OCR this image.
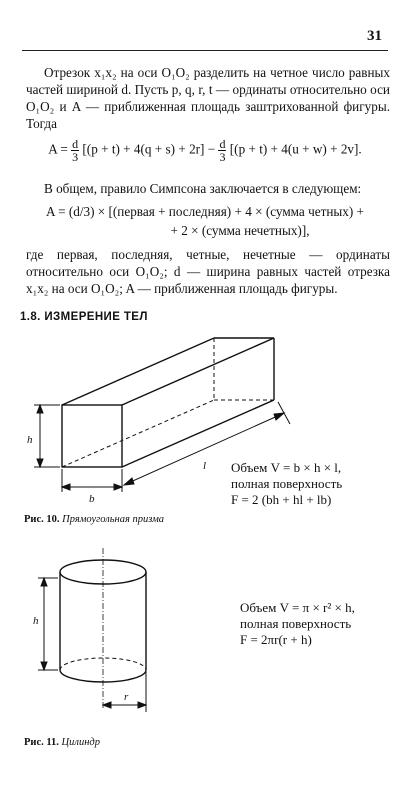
31
Отрезок x₁x₂ на оси O₁O₂ разделить на четное число равных частей шириной d. Пусть p, q, r, t — ординаты относительно оси O₁O₂ и A — приближенная площадь заштрихованной фигуры. Тогда
$A = \frac{d}{3} [(p + t) + 4(q + s) + 2r] - \frac{d}{3} [(p + t) + 4(u + w) + 2v]$.
В общем, правило Симпсона заключается в следующем:
A = (d/3) × [(первая + последняя) + 4 × (сумма четных) +
+ 2 × (сумма нечетных)],
где первая, последняя, четные, нечетные — ординаты относительно оси O₁O₂; d — ширина равных частей отрезка x₁x₂ на оси O₁O₂; A — приближенная площадь фигуры.
1.8. ИЗМЕРЕНИЕ ТЕЛ
h
l
b
Объем V = b × h × l,
полная поверхность
F = 2 (bh + hl + lb)
Рис. 10. Прямоугольная призма
h
r
Объем V = π × r² × h,
полная поверхность
F = 2πr(r + h)
Рис. 11. Цилиндр
